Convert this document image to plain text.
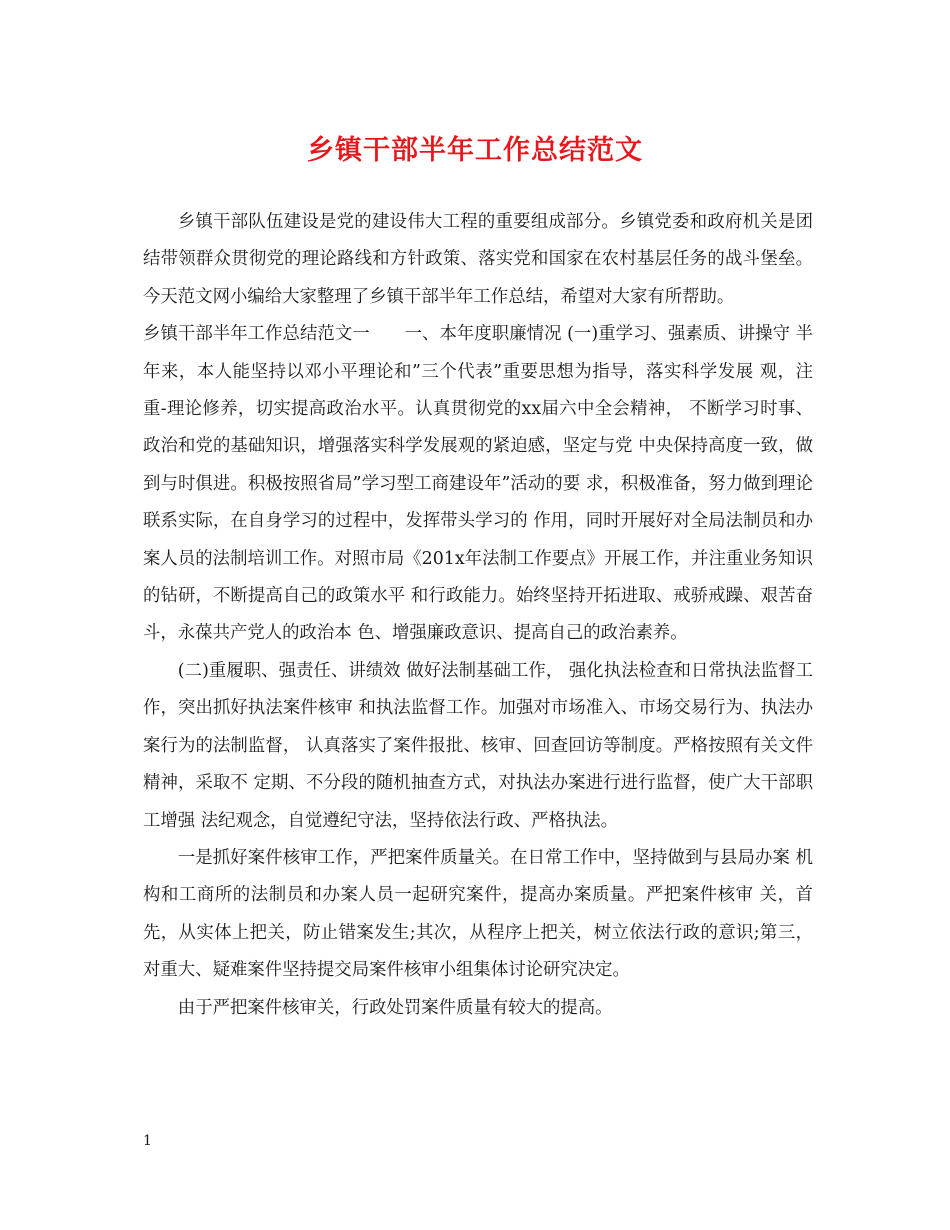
乡镇干部半年工作总结范文

乡镇干部队伍建设是党的建设伟大工程的重要组成部分。乡镇党委和政府机关是团结带领群众贯彻党的理论路线和方针政策、落实党和国家在农村基层任务的战斗堡垒。今天范文网小编给大家整理了乡镇干部半年工作总结，希望对大家有所帮助。

乡镇干部半年工作总结范文一　　一、本年度职廉情况 (一)重学习、强素质、讲操守 半年来，本人能坚持以邓小平理论和”三个代表”重要思想为指导，落实科学发展 观，注重-理论修养，切实提高政治水平。认真贯彻党的xx届六中全会精神， 不断学习时事、政治和党的基础知识，增强落实科学发展观的紧迫感，坚定与党 中央保持高度一致，做到与时俱进。积极按照省局”学习型工商建设年”活动的要 求，积极准备，努力做到理论联系实际，在自身学习的过程中，发挥带头学习的 作用，同时开展好对全局法制员和办案人员的法制培训工作。对照市局《201x年法制工作要点》开展工作，并注重业务知识的钻研，不断提高自己的政策水平 和行政能力。始终坚持开拓进取、戒骄戒躁、艰苦奋斗，永葆共产党人的政治本 色、增强廉政意识、提高自己的政治素养。

(二)重履职、强责任、讲绩效 做好法制基础工作， 强化执法检查和日常执法监督工作，突出抓好执法案件核审 和执法监督工作。加强对市场准入、市场交易行为、执法办案行为的法制监督， 认真落实了案件报批、核审、回查回访等制度。严格按照有关文件精神，采取不 定期、不分段的随机抽查方式，对执法办案进行进行监督，使广大干部职工增强 法纪观念，自觉遵纪守法，坚持依法行政、严格执法。

一是抓好案件核审工作，严把案件质量关。在日常工作中，坚持做到与县局办案 机构和工商所的法制员和办案人员一起研究案件，提高办案质量。严把案件核审 关，首先，从实体上把关，防止错案发生;其次，从程序上把关，树立依法行政的意识;第三，对重大、疑难案件坚持提交局案件核审小组集体讨论研究决定。

由于严把案件核审关，行政处罚案件质量有较大的提高。

1
